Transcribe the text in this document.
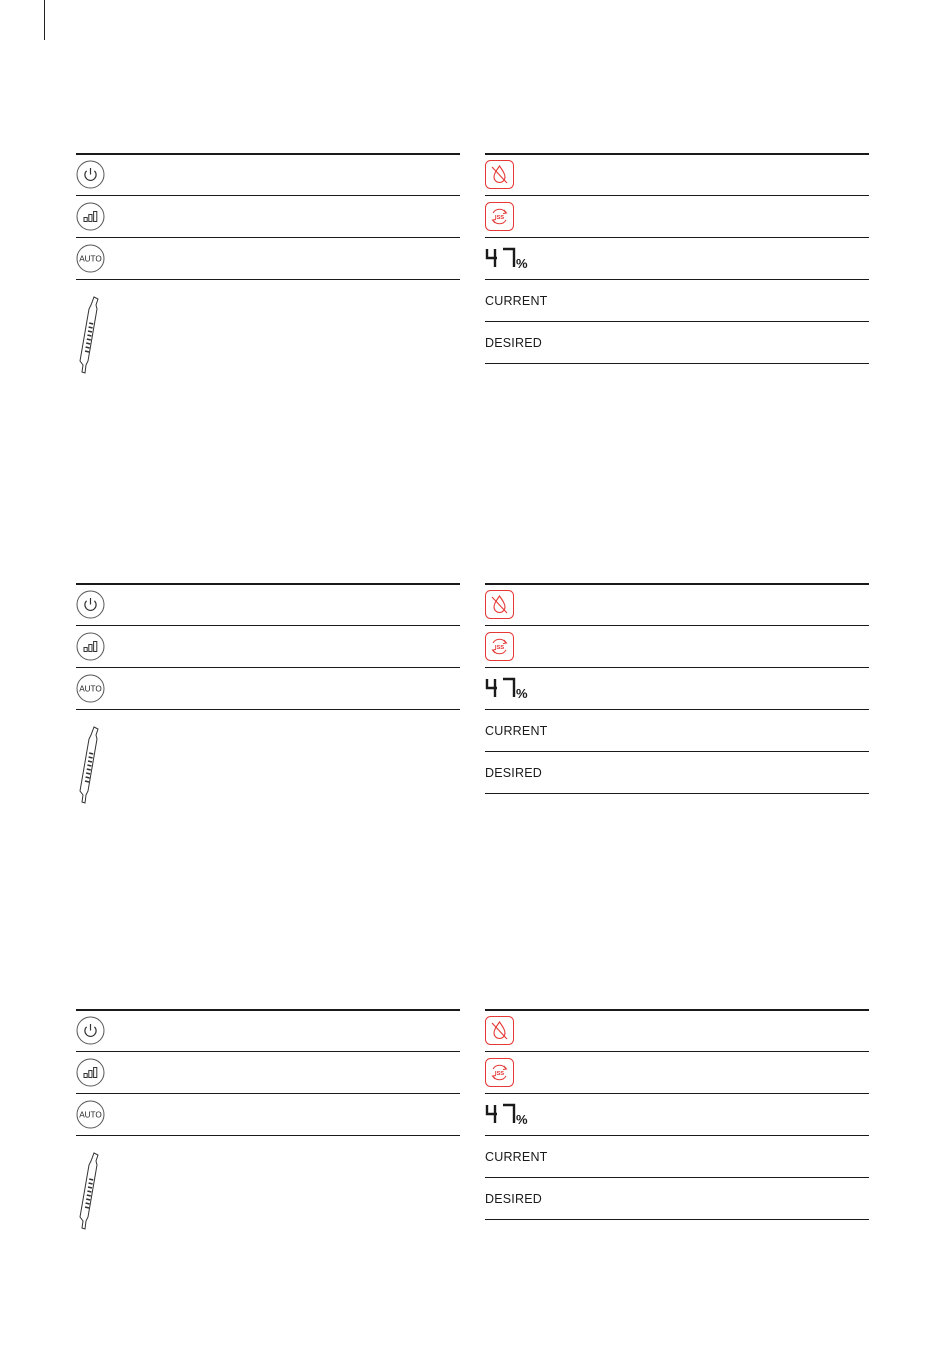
AUTO
ISS
%
CURRENT
DESIRED
AUTO
ISS
%
CURRENT
DESIRED
AUTO
ISS
%
CURRENT
DESIRED
